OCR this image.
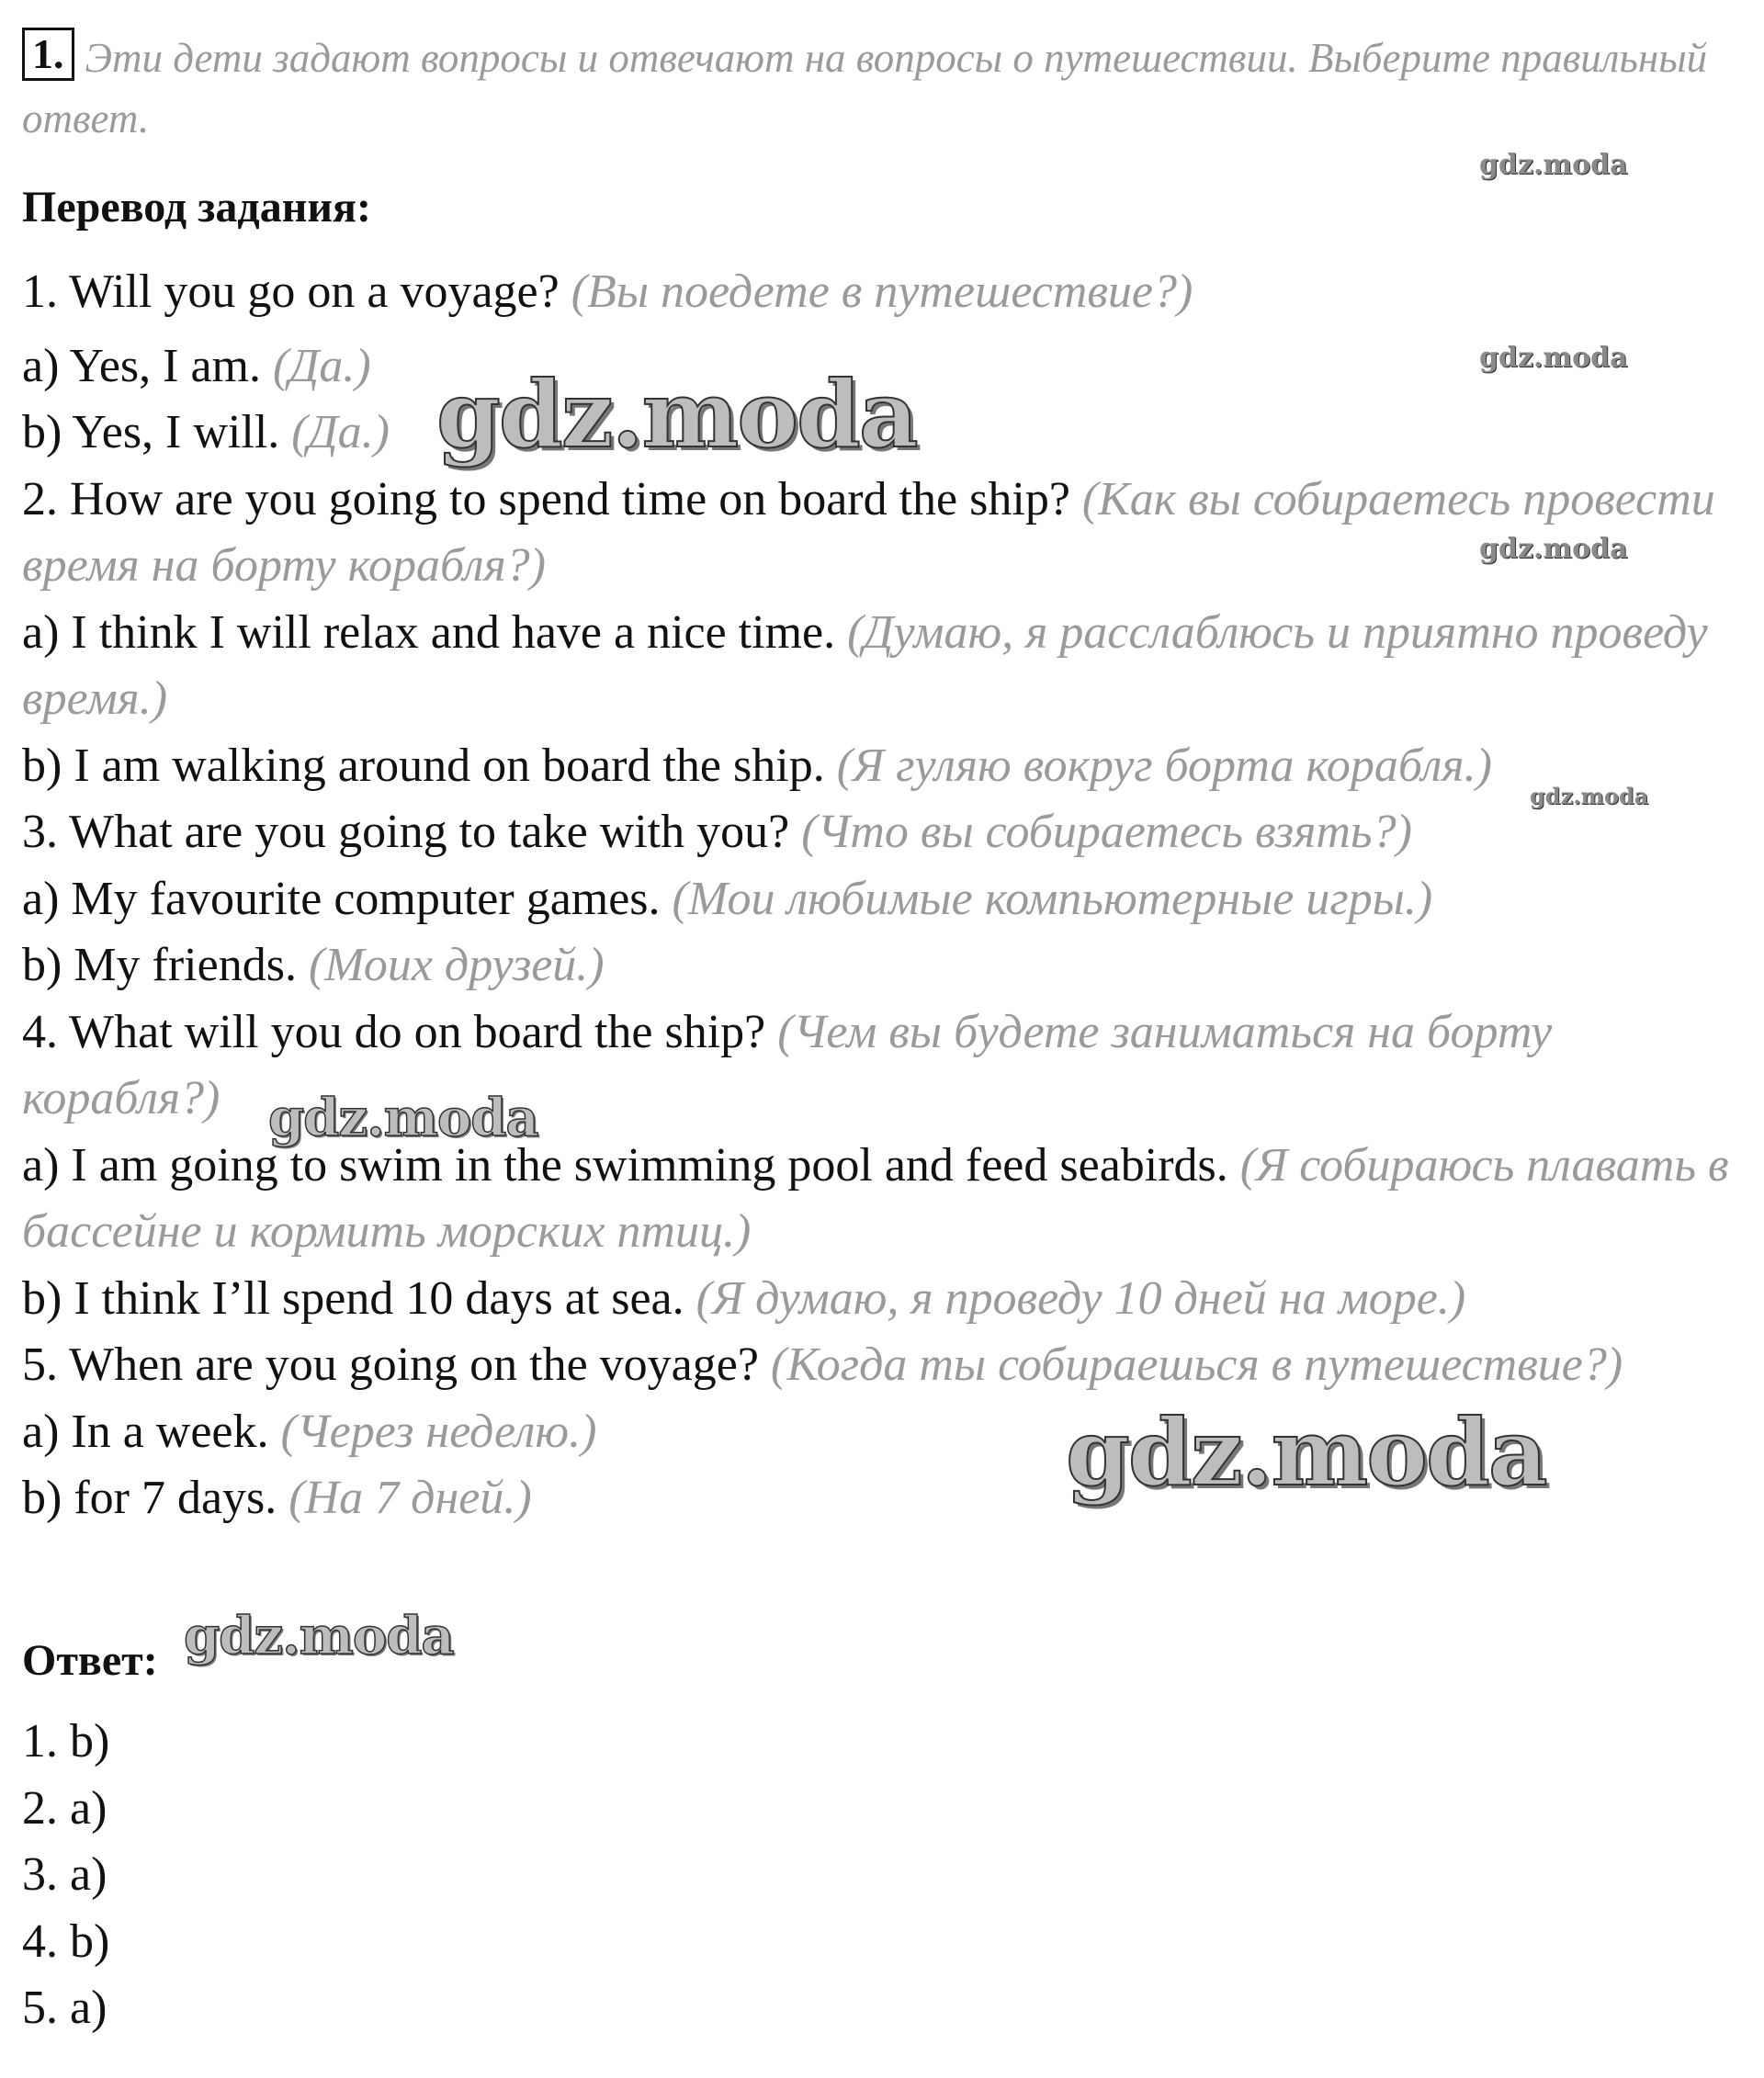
1. Эти дети задают вопросы и отвечают на вопросы о путешествии. Выберите правильный ответ.
Перевод задания:
1. Will you go on a voyage? (Вы поедете в путешествие?)
a) Yes, I am. (Да.)
b) Yes, I will. (Да.)
2. How are you going to spend time on board the ship? (Как вы собираетесь провести время на борту корабля?)
a) I think I will relax and have a nice time. (Думаю, я расслаблюсь и приятно проведу время.)
b) I am walking around on board the ship. (Я гуляю вокруг борта корабля.)
3. What are you going to take with you? (Что вы собираетесь взять?)
a) My favourite computer games. (Мои любимые компьютерные игры.)
b) My friends. (Моих друзей.)
4. What will you do on board the ship? (Чем вы будете заниматься на борту корабля?)
a) I am going to swim in the swimming pool and feed seabirds. (Я собираюсь плавать в бассейне и кормить морских птиц.)
b) I think I’ll spend 10 days at sea. (Я думаю, я проведу 10 дней на море.)
5. When are you going on the voyage? (Когда ты собираешься в путешествие?)
a) In a week. (Через неделю.)
b) for 7 days. (На 7 дней.)
Ответ:
1. b)
2. a)
3. a)
4. b)
5. a)
gdz.moda
gdz.moda
gdz.moda
gdz.moda
gdz.moda
gdz.moda
gdz.moda
gdz.moda
